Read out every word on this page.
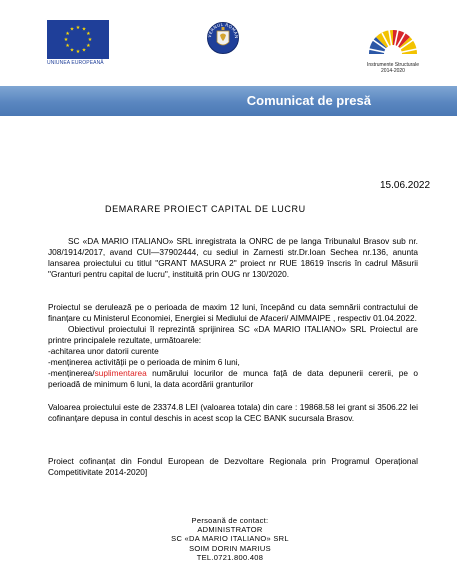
★ ★
★
★
★
★
★
★
★
★
★
★
UNIUNEA EUROPEANĂ
VERNUL ROMÂN
Instrumente Structurale
2014-2020
Comunicat de presă
15.06.2022
DEMARARE PROIECT CAPITAL DE LUCRU
SC «DA MARIO ITALIANO» SRL inregistrata la ONRC de pe langa Tribunalul Brasov sub nr. J08/1914/2017, avand CUI—37902444, cu sediul in Zarnesti str.Dr.Ioan Sechea nr.136, anunta lansarea proiectului cu titlul "GRANT MASURA 2" proiect nr RUE 18619 înscris în cadrul Măsurii "Granturi pentru capital de lucru", instituită prin OUG nr 130/2020.
Proiectul se derulează pe o perioada de maxim 12 luni, începând cu data semnării contractului de finanțare cu Ministerul Economiei, Energiei si Mediului de Afaceri/ AIMMAIPE , respectiv 01.04.2022.
Obiectivul proiectului îl reprezintă sprijinirea SC «DA MARIO ITALIANO» SRL Proiectul are printre principalele rezultate, următoarele:
-achitarea unor datorii curente
-menținerea activității pe o perioada de minim 6 luni,
-menținerea/suplimentarea numărului locurilor de munca față de data depunerii cererii, pe o perioadă de minimum 6 luni, la data acordării granturilor
Valoarea proiectului este de 23374.8 LEI (valoarea totala) din care : 19868.58 lei grant si 3506.22 lei cofinanțare depusa in contul deschis in acest scop la CEC BANK sucursala Brasov.
Proiect cofinanțat din Fondul European de Dezvoltare Regionala prin Programul Operațional Competitivitate 2014-2020]
Persoană de contact:
ADMINISTRATOR
SC «DA MARIO ITALIANO» SRL
SOIM DORIN MARIUS
TEL.0721.800.408
